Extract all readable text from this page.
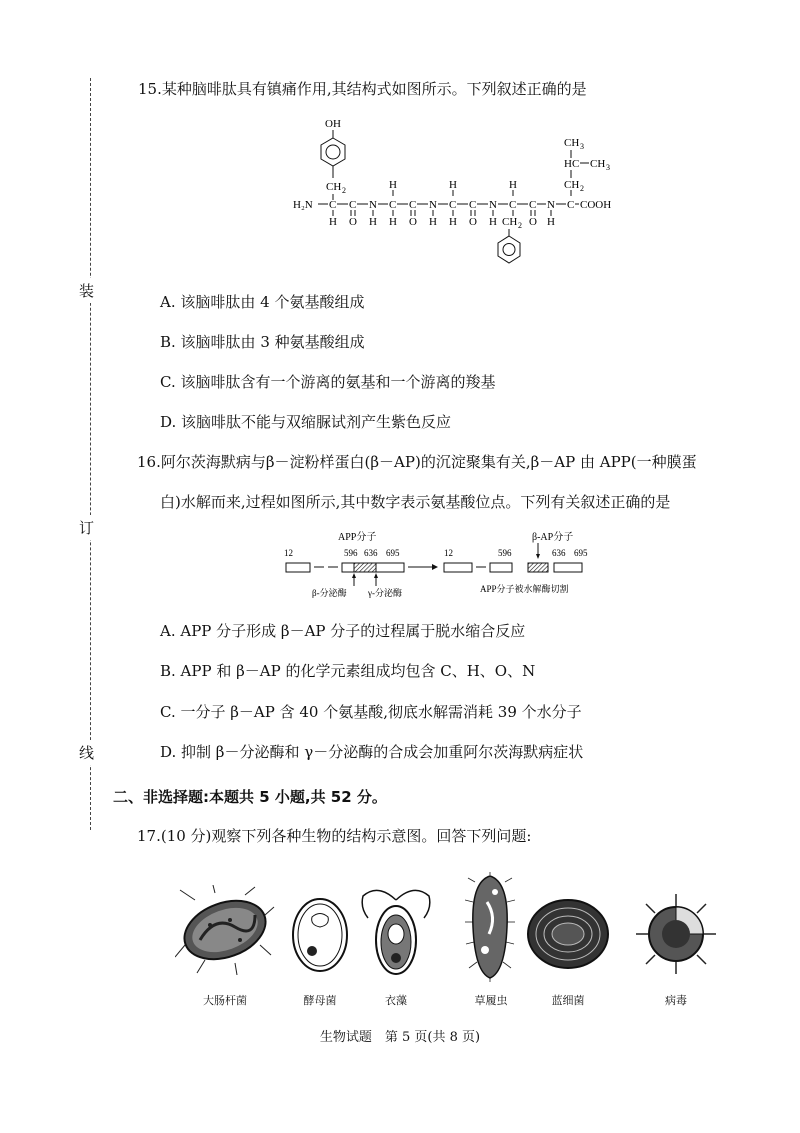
装
订
线
15.某种脑啡肽具有镇痛作用,其结构式如图所示。下列叙述正确的是
OH
CH 2
H₂N C C N C C N C C N C C N C COOH
H	H	H
H O H H O H H O H CH 2 O H
CH 3
HC CH 3
CH 2
A. 该脑啡肽由 4 个氨基酸组成
B. 该脑啡肽由 3 种氨基酸组成
C. 该脑啡肽含有一个游离的氨基和一个游离的羧基
D. 该脑啡肽不能与双缩脲试剂产生紫色反应
16.阿尔茨海默病与β－淀粉样蛋白(β－AP)的沉淀聚集有关,β－AP 由 APP(一种膜蛋
白)水解而来,过程如图所示,其中数字表示氨基酸位点。下列有关叙述正确的是
APP分子
12	596 636 695
β-分泌酶 γ-分泌酶
β-AP分子
12	596	636 695
APP分子被水解酶切割
A. APP 分子形成 β－AP 分子的过程属于脱水缩合反应
B. APP 和 β－AP 的化学元素组成均包含 C、H、O、N
C. 一分子 β－AP 含 40 个氨基酸,彻底水解需消耗 39 个水分子
D. 抑制 β－分泌酶和 γ－分泌酶的合成会加重阿尔茨海默病症状
二、非选择题:本题共 5 小题,共 52 分。
17.(10 分)观察下列各种生物的结构示意图。回答下列问题:
大肠杆菌	酵母菌	衣藻	草履虫	蓝细菌	病毒
生物试题　第 5 页(共 8 页)
